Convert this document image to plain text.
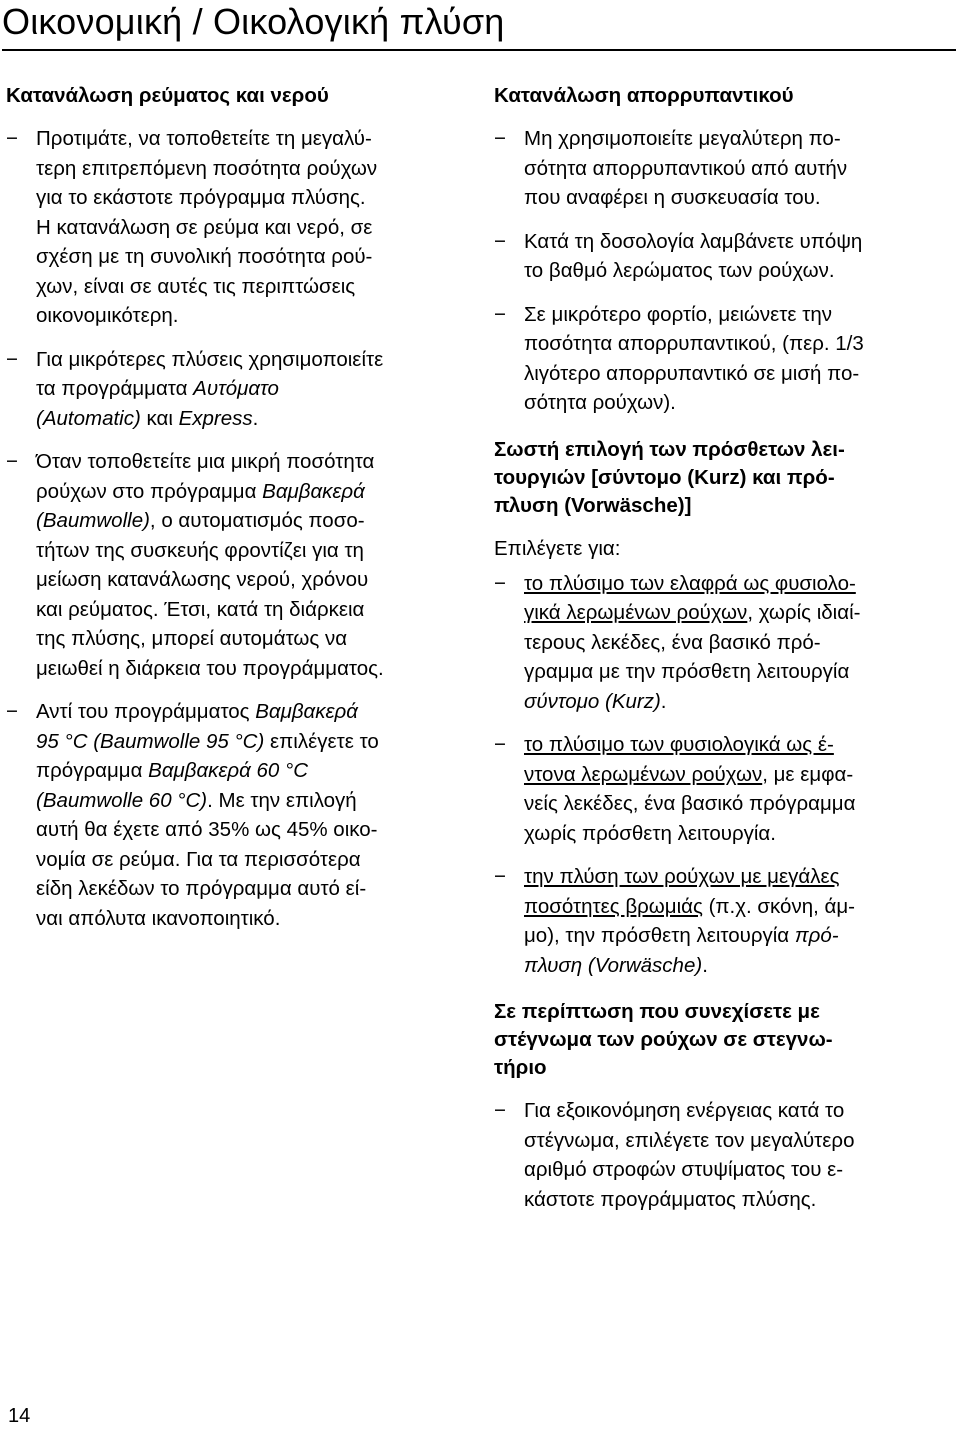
Οικονομική / Οικολογική πλύση
Κατανάλωση ρεύματος και νερού
− Προτιμάτε, να τοποθετείτε τη μεγαλύ-
τερη επιτρεπόμενη ποσότητα ρούχων
για το εκάστοτε πρόγραμμα πλύσης.
Η κατανάλωση σε ρεύμα και νερό, σε
σχέση με τη συνολική ποσότητα ρού-
χων, είναι σε αυτές τις περιπτώσεις
οικονομικότερη.
− Για μικρότερες πλύσεις χρησιμοποιείτε
τα προγράμματα Αυτόματο
(Automatic) και Express.
− Όταν τοποθετείτε μια μικρή ποσότητα
ρούχων στο πρόγραμμα Βαμβακερά
(Baumwolle), ο αυτοματισμός ποσο-
τήτων της συσκευής φροντίζει για τη
μείωση κατανάλωσης νερού, χρόνου
και ρεύματος. Έτσι, κατά τη διάρκεια
της πλύσης, μπορεί αυτομάτως να
μειωθεί η διάρκεια του προγράμματος.
− Αντί του προγράμματος Βαμβακερά
95 °C (Baumwolle 95 °C) επιλέγετε το
πρόγραμμα Βαμβακερά 60 °C
(Baumwolle 60 °C). Με την επιλογή
αυτή θα έχετε από 35% ως 45% οικο-
νομία σε ρεύμα. Για τα περισσότερα
είδη λεκέδων το πρόγραμμα αυτό εί-
ναι απόλυτα ικανοποιητικό.
Κατανάλωση απορρυπαντικού
− Μη χρησιμοποιείτε μεγαλύτερη πο-
σότητα απορρυπαντικού από αυτήν
που αναφέρει η συσκευασία του.
− Κατά τη δοσολογία λαμβάνετε υπόψη
το βαθμό λερώματος των ρούχων.
− Σε μικρότερο φορτίο, μειώνετε την
ποσότητα απορρυπαντικού, (περ. 1/3
λιγότερο απορρυπαντικό σε μισή πο-
σότητα ρούχων).
Σωστή επιλογή των πρόσθετων λει-
τουργιών [σύντομο (Kurz) και πρό-
πλυση (Vorwäsche)]

Επιλέγετε για:

− το πλύσιμο των ελαφρά ως φυσιολο-
γικά λερωμένων ρούχων, χωρίς ιδιαί-
τερους λεκέδες, ένα βασικό πρό-
γραμμα με την πρόσθετη λειτουργία
σύντομο (Kurz).
− το πλύσιμο των φυσιολογικά ως έ-
ντονα λερωμένων ρούχων, με εμφα-
νείς λεκέδες, ένα βασικό πρόγραμμα
χωρίς πρόσθετη λειτουργία.
− την πλύση των ρούχων με μεγάλες
ποσότητες βρωμιάς (π.χ. σκόνη, άμ-
μο), την πρόσθετη λειτουργία πρό-
πλυση (Vorwäsche).
Σε περίπτωση που συνεχίσετε με
στέγνωμα των ρούχων σε στεγνω-
τήριο
− Για εξοικονόμηση ενέργειας κατά το
στέγνωμα, επιλέγετε τον μεγαλύτερο
αριθμό στροφών στυψίματος του ε-
κάστοτε προγράμματος πλύσης.
14
